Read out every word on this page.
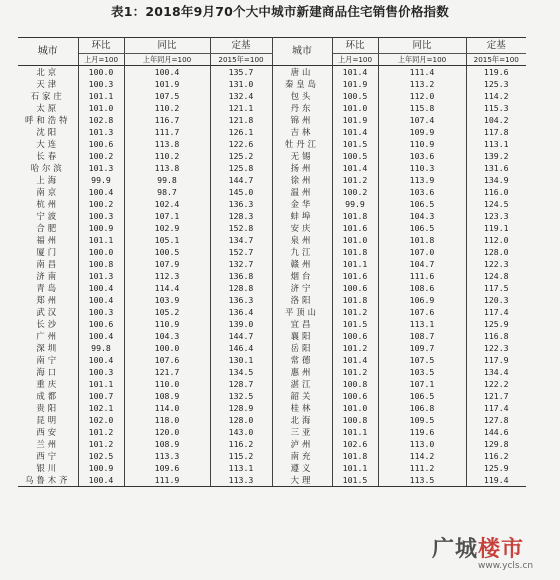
表1：2018年9月70个大中城市新建商品住宅销售价格指数
城市	环比	同比	定基	城市	环比	同比	定基
	上月=100	上年同月=100	2015年=100		上月=100	上年同月=100	2015年=100
北京	100.0	100.4	135.7	唐山	101.4	111.4	119.6
天津	100.3	101.9	131.0	秦皇岛	101.9	113.2	125.3
石家庄	101.1	107.5	132.4	包头	100.5	112.0	114.2
太原	101.0	110.2	121.1	丹东	101.0	115.8	115.3
呼和浩特	102.8	116.7	121.8	锦州	101.9	107.4	104.2
沈阳	101.3	111.7	126.1	吉林	101.4	109.9	117.8
大连	100.6	113.8	122.6	牡丹江	101.5	110.9	113.1
长春	100.2	110.2	125.2	无锡	100.5	103.6	139.2
哈尔滨	101.3	113.8	125.8	扬州	101.4	110.3	131.6
上海	99.9	99.8	144.7	徐州	101.2	113.9	134.9
南京	100.4	98.7	145.0	温州	100.2	103.6	116.0
杭州	100.2	102.4	136.3	金华	99.9	106.5	124.5
宁波	100.3	107.1	128.3	蚌埠	101.8	104.3	123.3
合肥	100.9	102.9	152.8	安庆	101.6	106.5	119.1
福州	101.1	105.1	134.7	泉州	101.0	101.8	112.0
厦门	100.0	100.5	152.7	九江	101.8	107.0	128.0
南昌	100.8	107.9	132.7	赣州	101.1	104.7	122.3
济南	101.3	112.3	136.8	烟台	101.6	111.6	124.8
青岛	100.4	114.4	128.8	济宁	100.6	108.6	117.5
郑州	100.4	103.9	136.3	洛阳	101.8	106.9	120.3
武汉	100.3	105.2	136.4	平顶山	101.2	107.6	117.4
长沙	100.6	110.9	139.0	宜昌	101.5	113.1	125.9
广州	100.4	104.3	144.7	襄阳	100.6	108.7	116.8
深圳	99.8	100.0	146.4	岳阳	101.2	109.7	122.3
南宁	100.4	107.6	130.1	常德	101.4	107.5	117.9
海口	100.3	121.7	134.5	惠州	101.2	103.5	134.4
重庆	101.1	110.0	128.7	湛江	100.8	107.1	122.2
成都	100.7	108.9	132.5	韶关	100.6	106.5	121.7
贵阳	102.1	114.0	128.9	桂林	101.0	106.8	117.4
昆明	102.0	118.0	128.0	北海	100.8	109.5	127.8
西安	101.2	120.0	143.0	三亚	101.1	119.6	144.6
兰州	101.2	108.9	116.2	泸州	102.6	113.0	129.8
西宁	102.5	113.3	115.2	南充	101.8	114.2	116.2
银川	100.9	109.6	113.1	遵义	101.1	111.2	125.9
乌鲁木齐	100.4	111.9	113.3	大理	101.5	113.5	119.4
广城楼市
www.ycls.cn
